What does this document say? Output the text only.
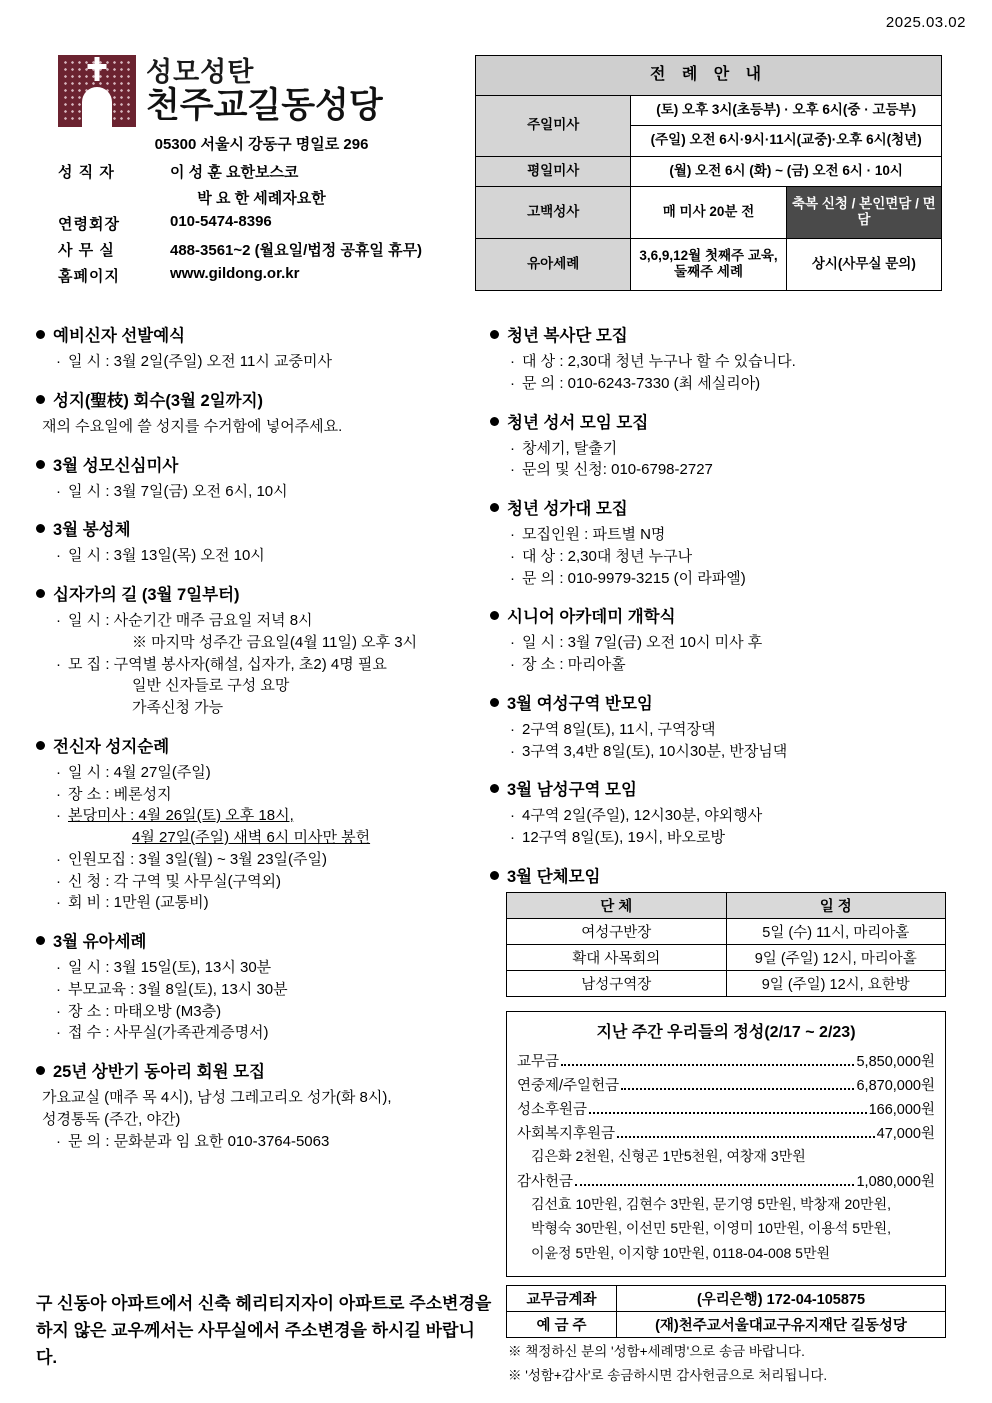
2025.03.02
성모성탄
천주교길동성당
05300 서울시 강동구 명일로 296
성 직 자	이 성 훈 요한보스코
박 요 한 세례자요한
연령회장	010-5474-8396
사 무 실	488-3561~2 (월요일/법정 공휴일 휴무)
홈페이지	www.gildong.or.kr
전 례 안 내		
주일미사	(토) 오후 3시(초등부) · 오후 6시(중 · 고등부)	
	(주일) 오전 6시·9시·11시(교중)·오후 6시(청년)	
평일미사	(월) 오전 6시 (화) ~ (금) 오전 6시 · 10시	
고백성사	매 미사 20분 전	축복 신청 / 본인면담 / 면담
유아세례	3,6,9,12월 첫째주 교육, 둘째주 세례	상시(사무실 문의)
예비신자 선발예식
· 일 시 : 3월 2일(주일) 오전 11시 교중미사
성지(聖枝) 회수(3월 2일까지)
재의 수요일에 쓸 성지를 수거함에 넣어주세요.
3월 성모신심미사
· 일 시 : 3월 7일(금) 오전 6시, 10시
3월 봉성체
· 일 시 : 3월 13일(목) 오전 10시
십자가의 길 (3월 7일부터)
· 일 시 : 사순기간 매주 금요일 저녁 8시
※ 마지막 성주간 금요일(4월 11일) 오후 3시
· 모 집 : 구역별 봉사자(해설, 십자가, 초2) 4명 필요
일반 신자들로 구성 요망
가족신청 가능
전신자 성지순례
· 일 시 : 4월 27일(주일)
· 장 소 : 베론성지
· 본당미사 : 4월 26일(토) 오후 18시,
4월 27일(주일) 새벽 6시 미사만 봉헌
· 인원모집 : 3월 3일(월) ~ 3월 23일(주일)
· 신 청 : 각 구역 및 사무실(구역외)
· 회 비 : 1만원 (교통비)
3월 유아세례
· 일 시 : 3월 15일(토), 13시 30분
· 부모교육 : 3월 8일(토), 13시 30분
· 장 소 : 마태오방 (M3층)
· 접 수 : 사무실(가족관계증명서)
25년 상반기 동아리 회원 모집
가요교실 (매주 목 4시), 남성 그레고리오 성가(화 8시),
성경통독 (주간, 야간)
· 문 의 : 문화분과 임 요한 010-3764-5063
청년 복사단 모집
· 대 상 : 2,30대 청년 누구나 할 수 있습니다.
· 문 의 : 010-6243-7330 (최 세실리아)
청년 성서 모임 모집
· 창세기, 탈출기
· 문의 및 신청: 010-6798-2727
청년 성가대 모집
· 모집인원 : 파트별 N명
· 대 상 : 2,30대 청년 누구나
· 문 의 : 010-9979-3215 (이 라파엘)
시니어 아카데미 개학식
· 일 시 : 3월 7일(금) 오전 10시 미사 후
· 장 소 : 마리아홀
3월 여성구역 반모임
· 2구역 8일(토), 11시, 구역장댁
· 3구역 3,4반 8일(토), 10시30분, 반장님댁
3월 남성구역 모임
· 4구역 2일(주일), 12시30분, 야외행사
· 12구역 8일(토), 19시, 바오로방
3월 단체모임
단 체	일 정
여성구반장	5일 (수) 11시, 마리아홀
확대 사목회의	9일 (주일) 12시, 마리아홀
남성구역장	9일 (주일) 12시, 요한방
지난 주간 우리들의 정성(2/17 ~ 2/23)
교무금	5,850,000원
연중제/주일헌금	6,870,000원
성소후원금	166,000원
사회복지후원금	47,000원
김은화 2천원, 신형곤 1만5천원, 여창재 3만원
감사헌금	1,080,000원
김선효 10만원, 김현수 3만원, 문기영 5만원, 박창재 20만원,
박형숙 30만원, 이선민 5만원, 이영미 10만원, 이용석 5만원,
이윤정 5만원, 이지향 10만원, 0118-04-008 5만원
교무금계좌	(우리은행) 172-04-105875
예 금 주	(재)천주교서울대교구유지재단 길동성당
※ 책정하신 분의 '성함+세례명'으로 송금 바랍니다.
※ '성함+감사'로 송금하시면 감사헌금으로 처리됩니다.
구 신동아 아파트에서 신축 헤리티지자이 아파트로 주소변경을 하지 않은 교우께서는 사무실에서 주소변경을 하시길 바랍니다.
